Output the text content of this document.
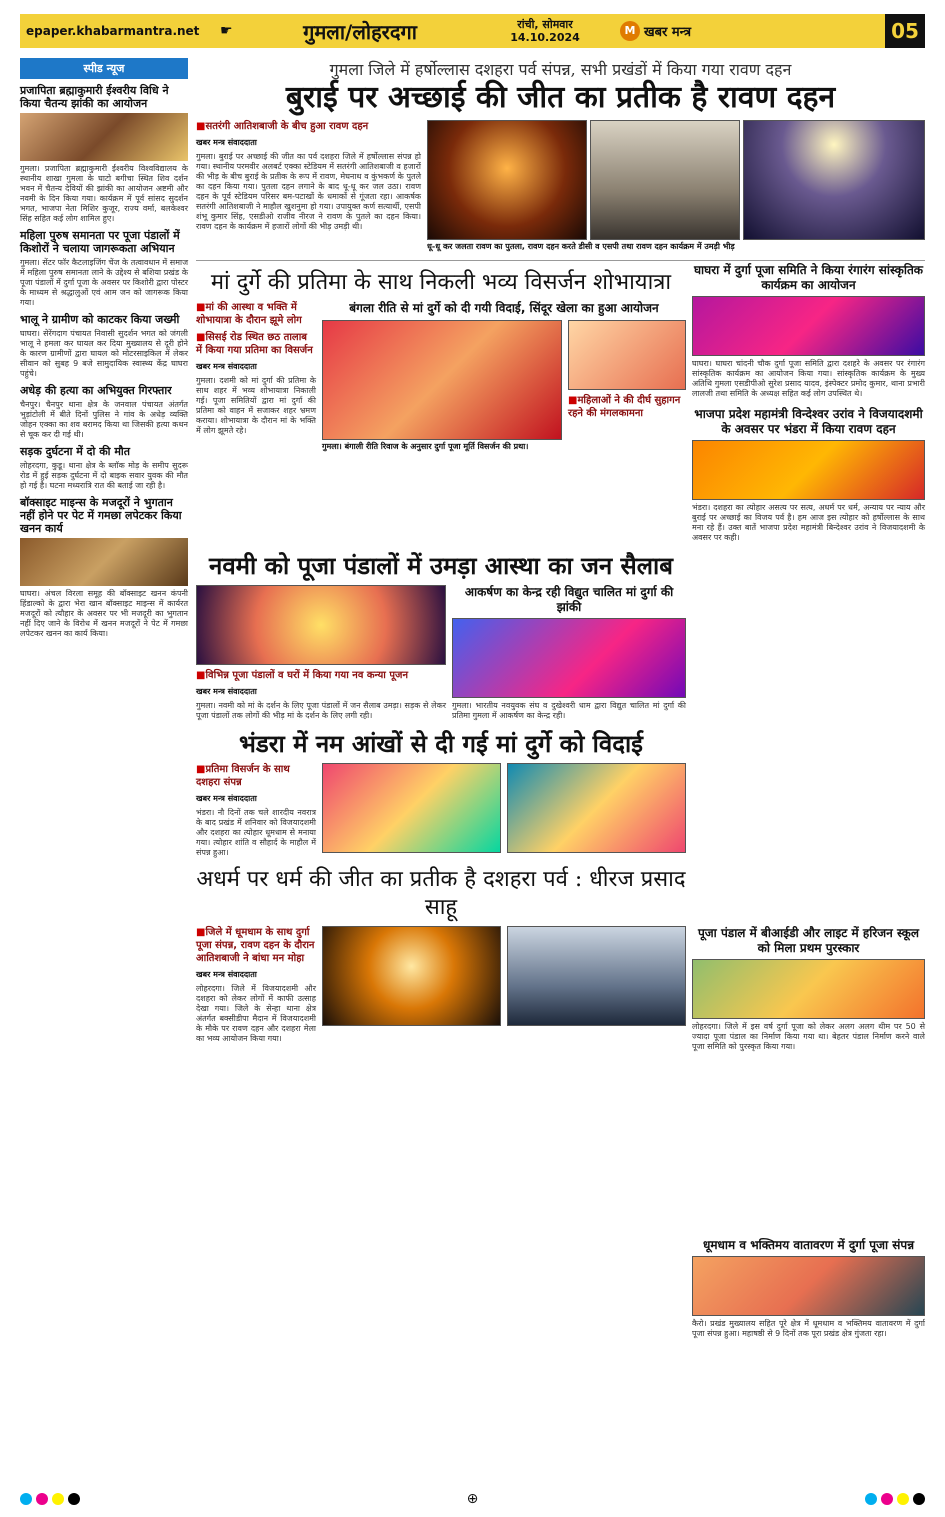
epaper.khabarmantra.net	☛	गुमला/लोहरदगा	रांची, सोमवार
14.10.2024
M खबर मन्त्र	05
स्पीड न्यूज
प्रजापिता ब्रह्माकुमारी ईश्वरीय विधि ने किया चैतन्य झांकी का आयोजन
गुमला। प्रजापिता ब्रह्माकुमारी ईश्वरीय विश्वविद्यालय के स्थानीय शाखा गुमला के घाटो बगीचा स्थित शिव दर्शन भवन में चैतन्य देवियों की झांकी का आयोजन अष्टमी और नवमी के दिन किया गया। कार्यक्रम में पूर्व सांसद सुदर्शन भगत, भाजपा नेता मिशिर कुजूर, राज्य वर्मा, बलकेश्वर सिंह सहित कई लोग शामिल हुए।
महिला पुरुष समानता पर पूजा पंडालों में किशोरों ने चलाया जागरूकता अभियान
गुमला। सेंटर फॉर कैटलाइजिंग चेंज के तत्वावधान में समाज में महिला पुरुष समानता लाने के उद्देश्य से बशिया प्रखंड के पूजा पंडालों में दुर्गा पूजा के अवसर पर किशोरी द्वारा पोस्टर के माध्यम से श्रद्धालुओं एवं आम जन को जागरूक किया गया।
भालू ने ग्रामीण को काटकर किया जख्मी
घाघरा। सेरेंगदाग पंचायत निवासी सुदर्शन भगत को जंगली भालू ने हमला कर घायल कर दिया मुख्यालय से दूरी होने के कारण ग्रामीणों द्वारा घायल को मोटरसाइकिल में लेकर सीवान को सुबह 9 बजे सामुदायिक स्वास्थ्य केंद्र घाघरा पहुंचे।
अधेड़ की हत्या का अभियुक्त गिरफ्तार
चैनपुर। चैनपुर थाना क्षेत्र के जनवाल पंचायत अंतर्गत भुड़ांटोली में बीते दिनों पुलिस ने गांव के अधेड़ व्यक्ति जोहन एक्का का शव बरामद किया था जिसकी हत्या कथन से चूक कर दी गई थी।
सड़क दुर्घटना में दो की मौत
लोहरदगा, कुडू। थाना क्षेत्र के ब्लॉक मोड़ के समीप सुदरू रोड में हुई सड़क दुर्घटना में दो बाइक सवार युवक की मौत हो गई है। घटना मध्यरात्रि रात की बताई जा रही है।
बॉक्साइट माइन्स के मजदूरों ने भुगतान नहीं होने पर पेट में गमछा लपेटकर किया खनन कार्य
घाघरा। अंचल विरला समूह की बॉक्साइट खनन कंपनी हिंडाल्को के द्वारा भेरा खान बॉक्साइट माइन्स में कार्यरत मजदूरों को त्यौहार के अवसर पर भी मजदूरी का भुगतान नहीं दिए जाने के विरोध में खनन मजदूरों ने पेट में गमछा लपेटकर खनन का कार्य किया।
गुमला जिले में हर्षोल्लास दशहरा पर्व संपन्न, सभी प्रखंडों में किया गया रावण दहन
बुराई पर अच्छाई की जीत का प्रतीक है रावण दहन
■ सतरंगी आतिशबाजी के बीच हुआ रावण दहन
खबर मन्त्र संवाददाता
गुमला। बुराई पर अच्छाई की जीत का पर्व दशहरा जिले में हर्षोल्लास संपन्न हो गया। स्थानीय परमवीर अलबर्ट एक्का स्टेडियम में सतरंगी आतिशबाजी व हजारों की भीड़ के बीच बुराई के प्रतीक के रूप में रावण, मेघनाथ व कुंभकर्ण के पुतले का दहन किया गया। पुतला दहन लगाने के बाद धू-धू कर जल उठा। रावण दहन के पूर्व स्टेडियम परिसर बम-पटाखों के धमाकों से गूंजता रहा। आकर्षक सतरंगी आतिशबाजी ने माहौल खुशनुमा हो गया। उपायुक्त कर्ण सत्यार्थी, एसपी शंभू कुमार सिंह, एसडीओ राजीव नीरज ने रावण के पुतले का दहन किया। रावण दहन के कार्यक्रम में हजारों लोगों की भीड़ उमड़ी थी।
धू-धू कर जलता रावण का पुतला, रावण दहन करते डीसी व एसपी तथा रावण दहन कार्यक्रम में उमड़ी भीड़
मां दुर्गे की प्रतिमा के साथ निकली भव्य विसर्जन शोभायात्रा
■ मां की आस्था व भक्ति में शोभायात्रा के दौरान झूमे लोग
■ सिसई रोड स्थित छठ तालाब में किया गया प्रतिमा का विसर्जन
खबर मन्त्र संवाददाता
गुमला। दशमी को मां दुर्गा की प्रतिमा के साथ शहर में भव्य शोभायात्रा निकाली गई। पूजा समितियों द्वारा मां दुर्गा की प्रतिमा को वाहन में सजाकर शहर भ्रमण कराया। शोभायात्रा के दौरान मां के भक्ति में लोग झूमते रहे।
बंगला रीति से मां दुर्गे को दी गयी विदाई, सिंदूर खेला का हुआ आयोजन
■ महिलाओं ने की दीर्घ सुहागन रहने की मंगलकामना
गुमला। बंगाली रीति रिवाज के अनुसार दुर्गा पूजा मूर्ति विसर्जन की प्रथा।
घाघरा में दुर्गा पूजा समिति ने किया रंगारंग सांस्कृतिक कार्यक्रम का आयोजन
घाघरा। घाघरा चांदनी चौक दुर्गा पूजा समिति द्वारा दशहरे के अवसर पर रंगारंग सांस्कृतिक कार्यक्रम का आयोजन किया गया। सांस्कृतिक कार्यक्रम के मुख्य अतिथि गुमला एसडीपीओ सुरेश प्रसाद यादव, इंस्पेक्टर प्रमोद कुमार, थाना प्रभारी लालजी तथा समिति के अध्यक्ष सहित कई लोग उपस्थित थे।
भाजपा प्रदेश महामंत्री विन्देश्वर उरांव ने विजयादशमी के अवसर पर भंडरा में किया रावण दहन
भंडरा। दशहरा का त्योहार असत्य पर सत्य, अधर्म पर धर्म, अन्याय पर न्याय और बुराई पर अच्छाई का विजय पर्व है। हम आज इस त्योहार को हर्षोल्लास के साथ मना रहे हैं। उक्त बातें भाजपा प्रदेश महामंत्री बिन्देश्वर उरांव ने विजयादशमी के अवसर पर कही।
नवमी को पूजा पंडालों में उमड़ा आस्था का जन सैलाब
■ विभिन्न पूजा पंडालों व घरों में किया गया नव कन्या पूजन
खबर मन्त्र संवाददाता
गुमला। नवमी को मां के दर्शन के लिए पूजा पंडालों में जन सैलाब उमड़ा। सड़क से लेकर पूजा पंडालों तक लोगों की भीड़ मां के दर्शन के लिए लगी रही।
आकर्षण का केन्द्र रही विद्युत चालित मां दुर्गा की झांकी
गुमला। भारतीय नवयुवक संघ व दुखेश्वरी धाम द्वारा विद्युत चालित मां दुर्गा की प्रतिमा गुमला में आकर्षण का केन्द्र रही।
पूजा पंडाल में बीआईडी और लाइट में हरिजन स्कूल को मिला प्रथम पुरस्कार
लोहरदगा। जिले में इस वर्ष दुर्गा पूजा को लेकर अलग अलग थीम पर 50 से ज्यादा पूजा पंडाल का निर्माण किया गया था। बेहतर पंडाल निर्माण करने वाले पूजा समिति को पुरस्कृत किया गया।
भंडरा में नम आंखों से दी गई मां दुर्गे को विदाई
■ प्रतिमा विसर्जन के साथ दशहरा संपन्न
खबर मन्त्र संवाददाता
भंडरा। नौ दिनों तक चले शारदीय नवरात्र के बाद प्रखंड में शनिवार को विजयादशमी और दशहरा का त्योहार धूमधाम से मनाया गया। त्योहार शांति व सौहार्द के माहौल में संपन्न हुआ।
अधर्म पर धर्म की जीत का प्रतीक है दशहरा पर्व : धीरज प्रसाद साहू
■ जिले में धूमधाम के साथ दुर्गा पूजा संपन्न, रावण दहन के दौरान आतिशबाजी ने बांधा मन मोहा
खबर मन्त्र संवाददाता
लोहरदगा। जिले में विजयादशमी और दशहरा को लेकर लोगों में काफी उत्साह देखा गया। जिले के सेन्हा थाना क्षेत्र अंतर्गत बक्सीडीपा मैदान में विजयादशमी के मौके पर रावण दहन और दशहरा मेला का भव्य आयोजन किया गया।
धूमधाम व भक्तिमय वातावरण में दुर्गा पूजा संपन्न
कैरो। प्रखंड मुख्यालय सहित पूरे क्षेत्र में धूमधाम व भक्तिमय वातावरण में दुर्गा पूजा संपन्न हुआ। महाषष्ठी से 9 दिनों तक पूरा प्रखंड क्षेत्र गुंजता रहा।
⊕
